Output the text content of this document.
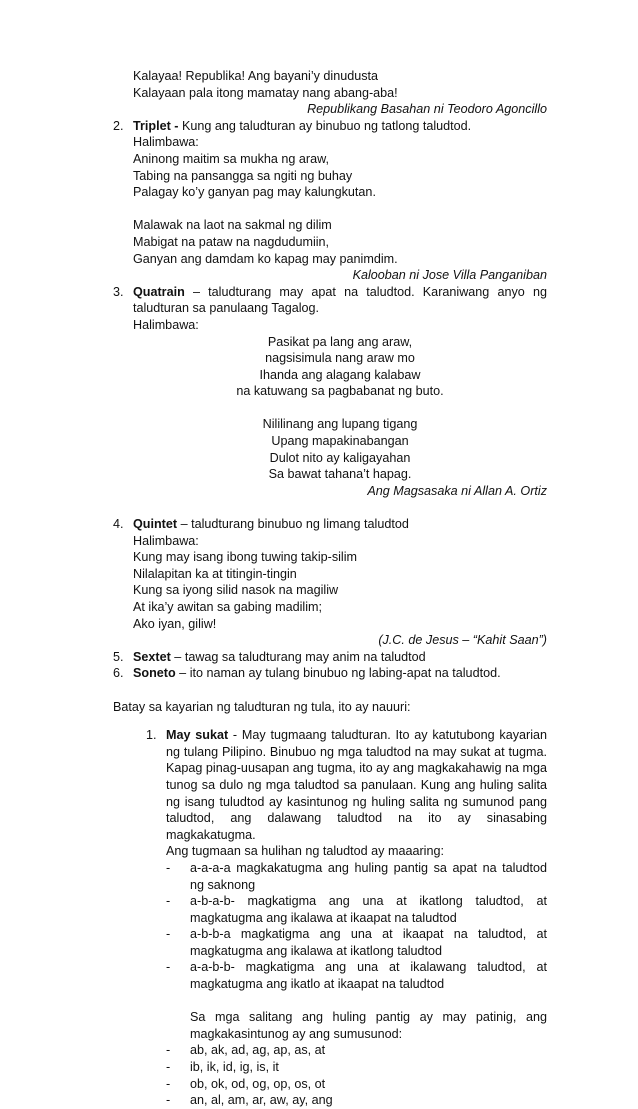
Kalayaa! Republika! Ang bayani’y dinudusta
Kalayaan pala itong mamatay nang abang-aba!
Republikang Basahan ni Teodoro Agoncillo
2. Triplet - Kung ang taludturan ay binubuo ng tatlong taludtod.
Halimbawa:
Aninong maitim sa mukha ng araw,
Tabing na pansangga sa ngiti ng buhay
Palagay ko’y ganyan pag may kalungkutan.
Malawak na laot na sakmal ng dilim
Mabigat na pataw na nagdudumiin,
Ganyan ang damdam ko kapag may panimdim.
Kalooban ni Jose Villa Panganiban
3. Quatrain – taludturang may apat na taludtod. Karaniwang anyo ng taludturan sa panulaang Tagalog.
Halimbawa:
Pasikat pa lang ang araw,
nagsisimula nang araw mo
Ihanda ang alagang kalabaw
na katuwang sa pagbabanat ng buto.
Nililinang ang lupang tigang
Upang mapakinabangan
Dulot nito ay kaligayahan
Sa bawat tahana’t hapag.
Ang Magsasaka ni Allan A. Ortiz
4. Quintet – taludturang binubuo ng limang taludtod
Halimbawa:
Kung may isang ibong tuwing takip-silim
Nilalapitan ka at titingin-tingin
Kung sa iyong silid nasok na magiliw
At ika’y awitan sa gabing madilim;
Ako iyan, giliw!
(J.C. de Jesus – “Kahit Saan”)
5. Sextet – tawag sa taludturang may anim na taludtod
6. Soneto – ito naman ay tulang binubuo ng labing-apat na taludtod.
Batay sa kayarian ng taludturan ng tula, ito ay nauuri:
1. May sukat - May tugmaang taludturan. Ito ay katutubong kayarian ng tulang Pilipino. Binubuo ng mga taludtod na may sukat at tugma. Kapag pinag-uusapan ang tugma, ito ay ang magkakahawig na mga tunog sa dulo ng mga taludtod sa panulaan. Kung ang huling salita ng isang tuludtod ay kasintunog ng huling salita ng sumunod pang taludtod, ang dalawang taludtod na ito ay sinasabing magkakatugma.
Ang tugmaan sa hulihan ng taludtod ay maaaring:
- a-a-a-a magkakatugma ang huling pantig sa apat na taludtod ng saknong
- a-b-a-b- magkatigma ang una at ikatlong taludtod, at magkatugma ang ikalawa at ikaapat na taludtod
- a-b-b-a magkatigma ang una at ikaapat na taludtod, at magkatugma ang ikalawa at ikatlong taludtod
- a-a-b-b- magkatigma ang una at ikalawang taludtod, at magkatugma ang ikatlo at ikaapat na taludtod
Sa mga salitang ang huling pantig ay may patinig, ang magkakasintunog ay ang sumusunod:
- ab, ak, ad, ag, ap, as, at
- ib, ik, id, ig, is, it
- ob, ok, od, og, op, os, ot
- an, al, am, ar, aw, ay, ang
